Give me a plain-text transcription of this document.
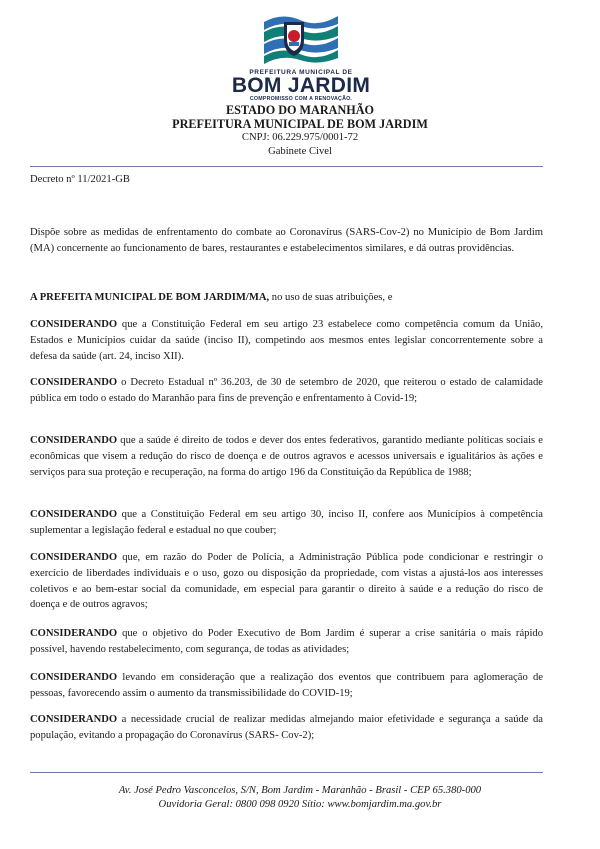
PREFEITURA MUNICIPAL DE
BOM JARDIM
COMPROMISSO COM A RENOVAÇÃO.

ESTADO DO MARANHÃO

PREFEITURA MUNICIPAL DE BOM JARDIM

CNPJ: 06.229.975/0001-72

Gabinete Civel

Decreto nº 11/2021-GB

Dispõe sobre as medidas de enfrentamento do combate ao Coronavírus (SARS-Cov-2) no Município de Bom Jardim (MA) concernente ao funcionamento de bares, restaurantes e estabelecimentos similares, e dá outras providências.

A PREFEITA MUNICIPAL DE BOM JARDIM/MA, no uso de suas atribuições, e

CONSIDERANDO que a Constituição Federal em seu artigo 23 estabelece como competência comum da União, Estados e Municípios cuidar da saúde (inciso II), competindo aos mesmos entes legislar concorrentemente sobre a defesa da saúde (art. 24, inciso XII).

CONSIDERANDO o Decreto Estadual nº 36.203, de 30 de setembro de 2020, que reiterou o estado de calamidade pública em todo o estado do Maranhão para fins de prevenção e enfrentamento à Covid-19;

CONSIDERANDO que a saúde é direito de todos e dever dos entes federativos, garantido mediante políticas sociais e econômicas que visem a redução do risco de doença e de outros agravos e acessos universais e igualitários às ações e serviços para sua proteção e recuperação, na forma do artigo 196 da Constituição da República de 1988;

CONSIDERANDO que a Constituição Federal em seu artigo 30, inciso II, confere aos Municípios à competência suplementar a legislação federal e estadual no que couber;

CONSIDERANDO que, em razão do Poder de Polícia, a Administração Pública pode condicionar e restringir o exercício de liberdades individuais e o uso, gozo ou disposição da propriedade, com vistas a ajustá-los aos interesses coletivos e ao bem-estar social da comunidade, em especial para garantir o direito à saúde e a redução do risco de doença e de outros agravos;

CONSIDERANDO que o objetivo do Poder Executivo de Bom Jardim é superar a crise sanitária o mais rápido possível, havendo restabelecimento, com segurança, de todas as atividades;

CONSIDERANDO levando em consideração que a realização dos eventos que contribuem para aglomeração de pessoas, favorecendo assim o aumento da transmissibilidade do COVID-19;

CONSIDERANDO a necessidade crucial de realizar medidas almejando maior efetividade e segurança a saúde da população, evitando a propagação do Coronavírus (SARS- Cov-2);

Av. José Pedro Vasconcelos, S/N, Bom Jardim - Maranhão - Brasil - CEP 65.380-000

Ouvidoria Geral: 0800 098 0920 Sítio: www.bomjardim.ma.gov.br
